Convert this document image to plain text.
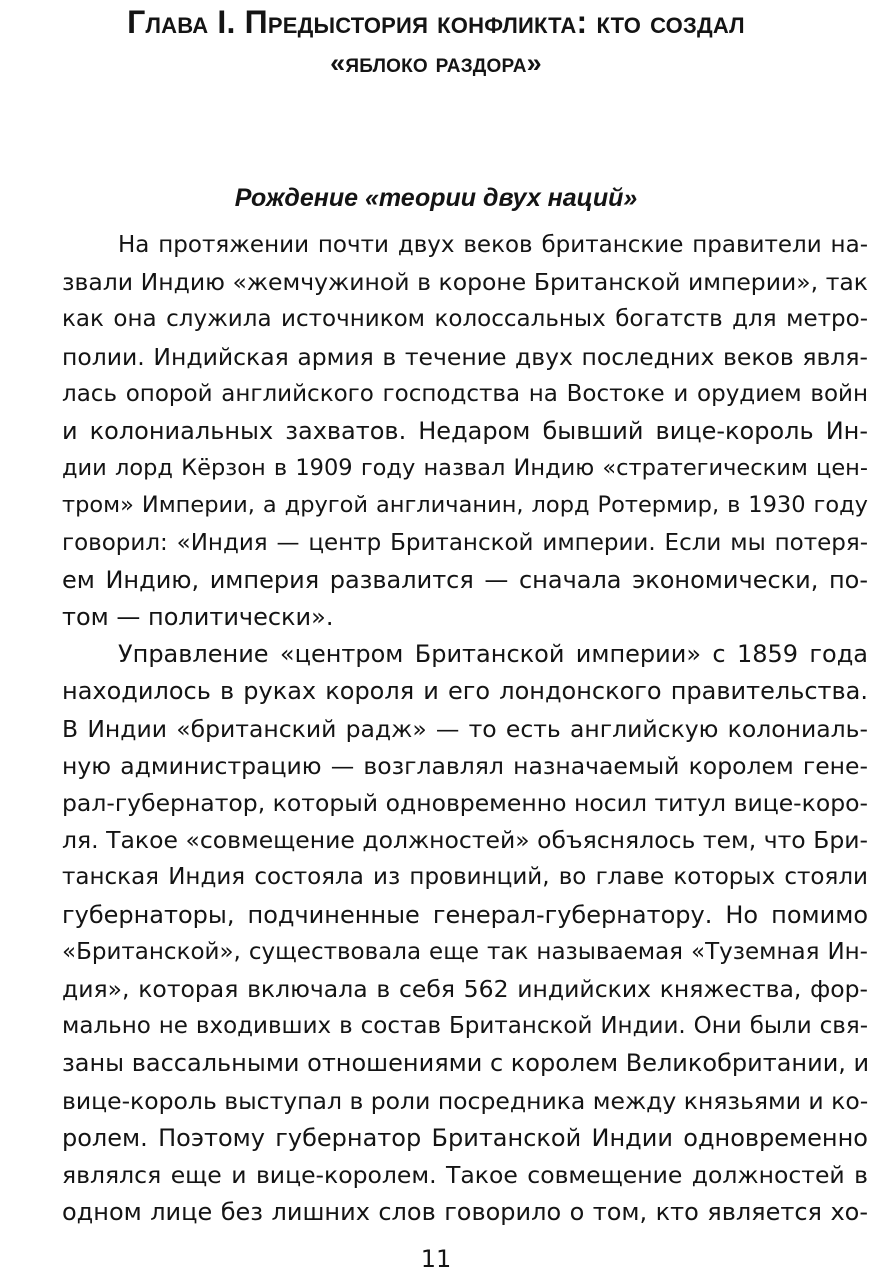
Глава I. Предыстория конфликта: кто создал
«яблоко раздора»
Рождение «теории двух наций»

На протяжении почти двух веков британские правители на-
звали Индию «жемчужиной в короне Британской империи», так
как она служила источником колоссальных богатств для метро-
полии. Индийская армия в течение двух последних веков явля-
лась опорой английского господства на Востоке и орудием войн
и колониальных захватов. Недаром бывший вице-король Ин-
дии лорд Кёрзон в 1909 году назвал Индию «стратегическим цен-
тром» Империи, а другой англичанин, лорд Ротермир, в 1930 году
говорил: «Индия — центр Британской империи. Если мы потеря-
ем Индию, империя развалится — сначала экономически, по-
том — политически».

Управление «центром Британской империи» с 1859 года
находилось в руках короля и его лондонского правительства.
В Индии «британский радж» — то есть английскую колониаль-
ную администрацию — возглавлял назначаемый королем гене-
рал-губернатор, который одновременно носил титул вице-коро-
ля. Такое «совмещение должностей» объяснялось тем, что Бри-
танская Индия состояла из провинций, во главе которых стояли
губернаторы, подчиненные генерал-губернатору. Но помимо
«Британской», существовала еще так называемая «Туземная Ин-
дия», которая включала в себя 562 индийских княжества, фор-
мально не входивших в состав Британской Индии. Они были свя-
заны вассальными отношениями с королем Великобритании, и
вице-король выступал в роли посредника между князьями и ко-
ролем. Поэтому губернатор Британской Индии одновременно
являлся еще и вице-королем. Такое совмещение должностей в
одном лице без лишних слов говорило о том, кто является хо-

11
